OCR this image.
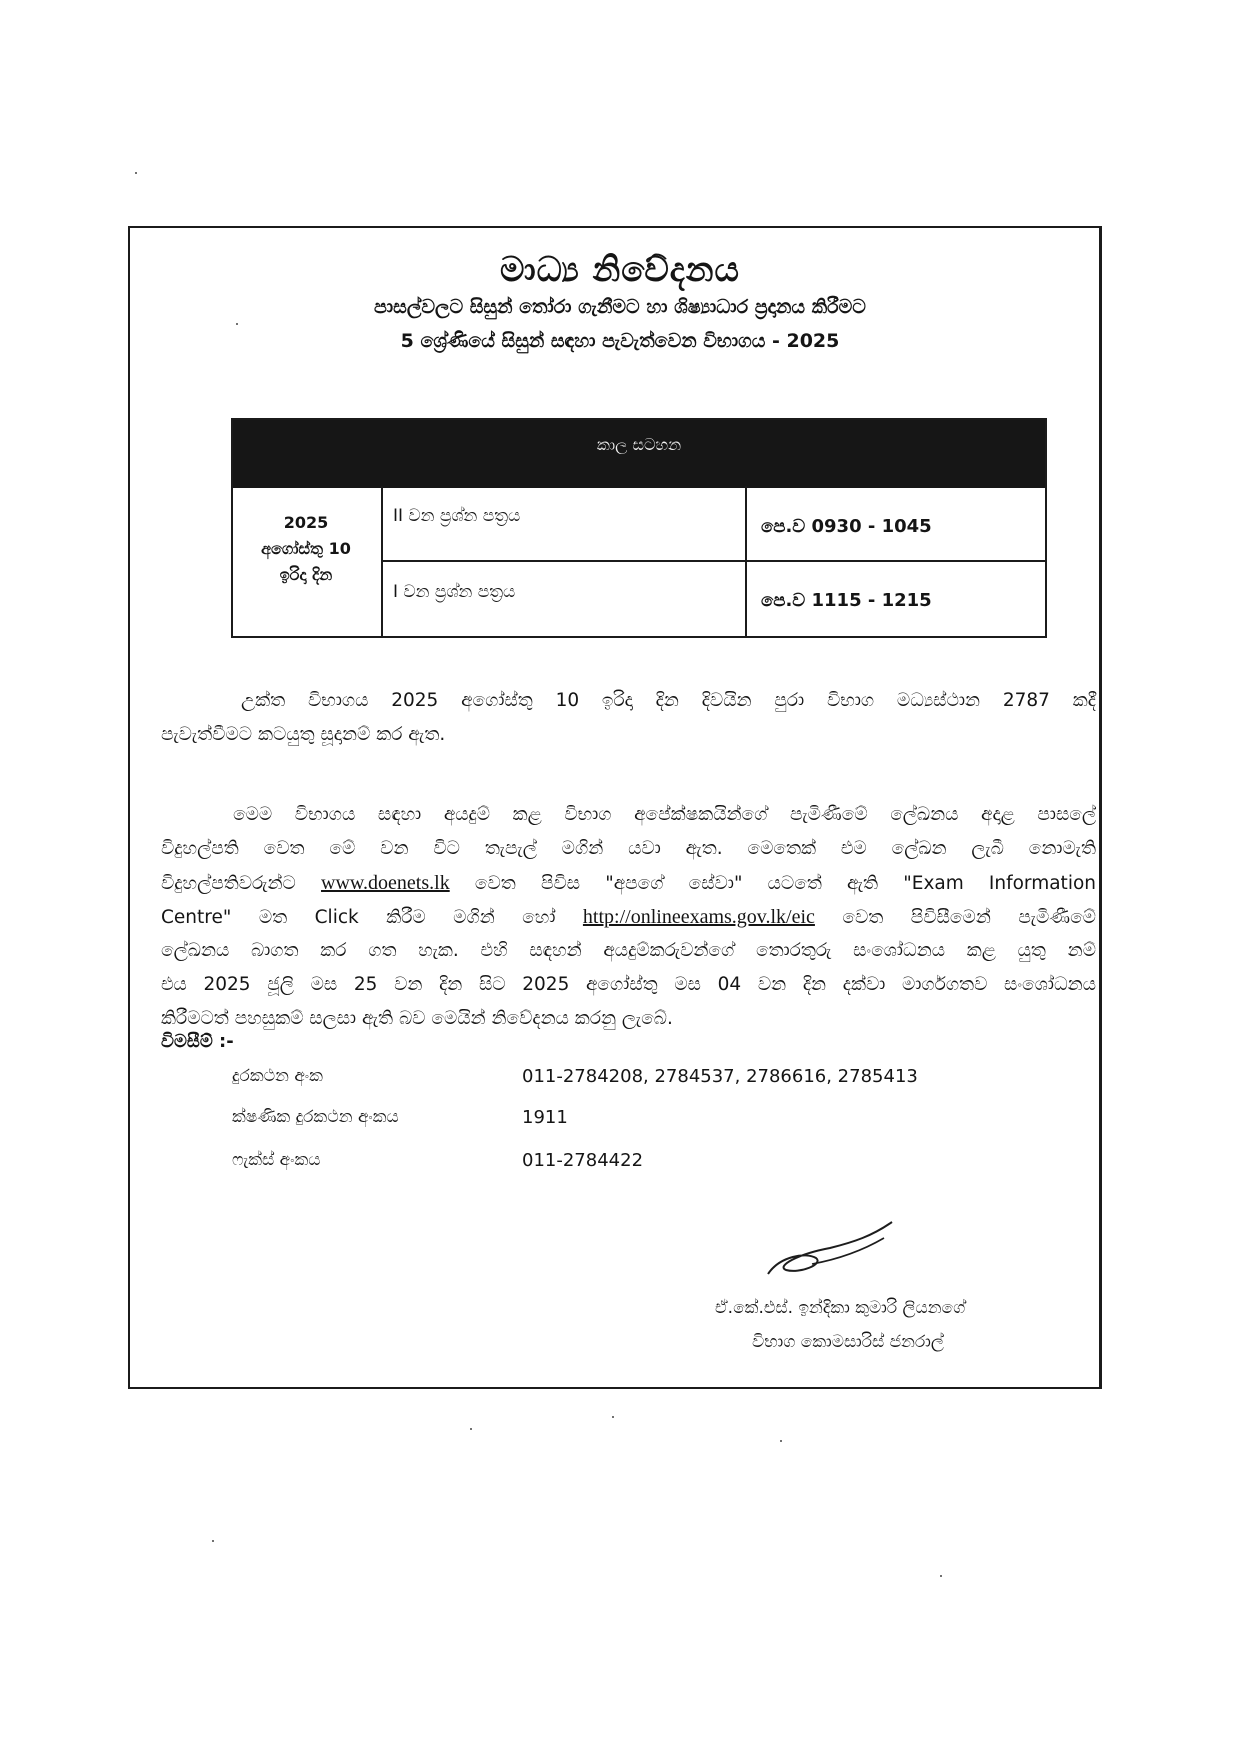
මාධ්‍ය නිවේදනය
පාසල්වලට සිසුන් තෝරා ගැනීමට හා ශිෂ්‍යාධාර ප්‍රදානය කිරීමට
5 ශ්‍රේණියේ සිසුන් සඳහා පැවැත්වෙන විභාගය - 2025
කාල සටහන
2025
අගෝස්තු 10
ඉරිදා දින
II වන ප්‍රශ්න පත්‍රය	පෙ.ව 0930 - 1045
I වන ප්‍රශ්න පත්‍රය	පෙ.ව 1115 - 1215
උක්ත විභාගය 2025 අගෝස්තු 10 ඉරිදා දින දිවයින පුරා විභාග මධ්‍යස්ථාන 2787 කදී
පැවැත්වීමට කටයුතු සූදානම් කර ඇත.
මෙම විභාගය සඳහා අයදුම් කළ විභාග අපේක්ෂකයින්ගේ පැමිණීමේ ලේඛනය අදාළ පාසලේ
විදුහල්පති වෙත මේ වන විට තැපැල් මගින් යවා ඇත. මෙතෙක් එම ලේඛන ලැබී නොමැති
විදුහල්පතිවරුන්ට www.doenets.lk වෙත පිවිස "අපගේ සේවා" යටතේ ඇති "Exam Information
Centre" මත Click කිරීම මගින් හෝ http://onlineexams.gov.lk/eic වෙත පිවිසීමෙන් පැමිණීමේ
ලේඛනය බාගත කර ගත හැක. එහි සඳහන් අයදුම්කරුවන්ගේ තොරතුරු සංශෝධනය කළ යුතු නම්
එය 2025 ජූලි මස 25 වන දින සිට 2025 අගෝස්තු මස 04 වන දින දක්වා මාර්ගගතව සංශෝධනය
කිරීමටත් පහසුකම් සලසා ඇති බව මෙයින් නිවේදනය කරනු ලැබේ.
විමසීම් :-
දුරකථන අංක	011-2784208, 2784537, 2786616, 2785413
ක්ෂණික දුරකථන අංකය	1911
ෆැක්ස් අංකය	011-2784422
ඒ.කේ.එස්. ඉන්දිකා කුමාරි ලියනගේ
විභාග කොමසාරිස් ජනරාල්
